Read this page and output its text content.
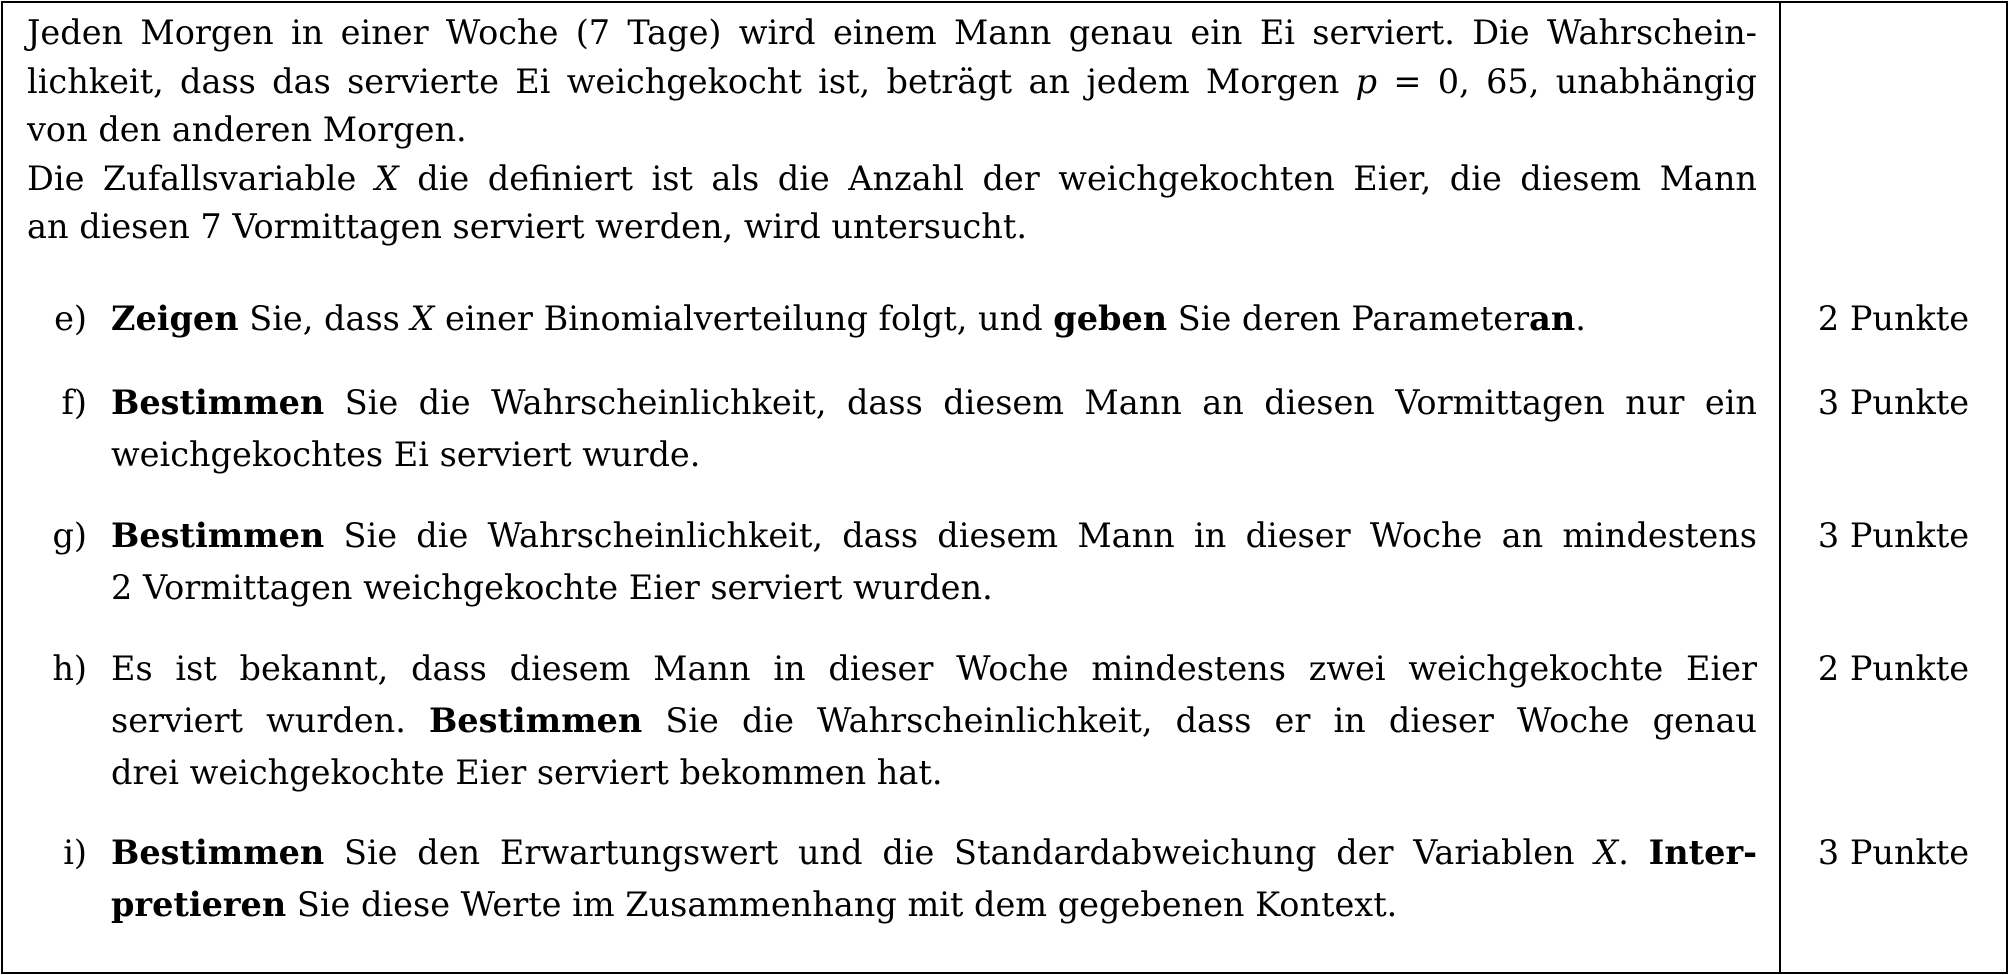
Jeden Morgen in einer Woche (7 Tage) wird einem Mann genau ein Ei serviert. Die Wahrschein-
lichkeit, dass das servierte Ei weichgekocht ist, beträgt an jedem Morgen p = 0, 65, unabhängig
von den anderen Morgen.
Die Zufallsvariable X die definiert ist als die Anzahl der weichgekochten Eier, die diesem Mann
an diesen 7 Vormittagen serviert werden, wird untersucht.
e) Zeigen Sie, dass X einer Binomialverteilung folgt, und geben Sie deren Parameteran.
f) Bestimmen Sie die Wahrscheinlichkeit, dass diesem Mann an diesen Vormittagen nur ein
weichgekochtes Ei serviert wurde.
g) Bestimmen Sie die Wahrscheinlichkeit, dass diesem Mann in dieser Woche an mindestens
2 Vormittagen weichgekochte Eier serviert wurden.
h) Es ist bekannt, dass diesem Mann in dieser Woche mindestens zwei weichgekochte Eier
serviert wurden. Bestimmen Sie die Wahrscheinlichkeit, dass er in dieser Woche genau
drei weichgekochte Eier serviert bekommen hat.
i) Bestimmen Sie den Erwartungswert und die Standardabweichung der Variablen X. Inter-
pretieren Sie diese Werte im Zusammenhang mit dem gegebenen Kontext.
2 Punkte
3 Punkte
3 Punkte
2 Punkte
3 Punkte
